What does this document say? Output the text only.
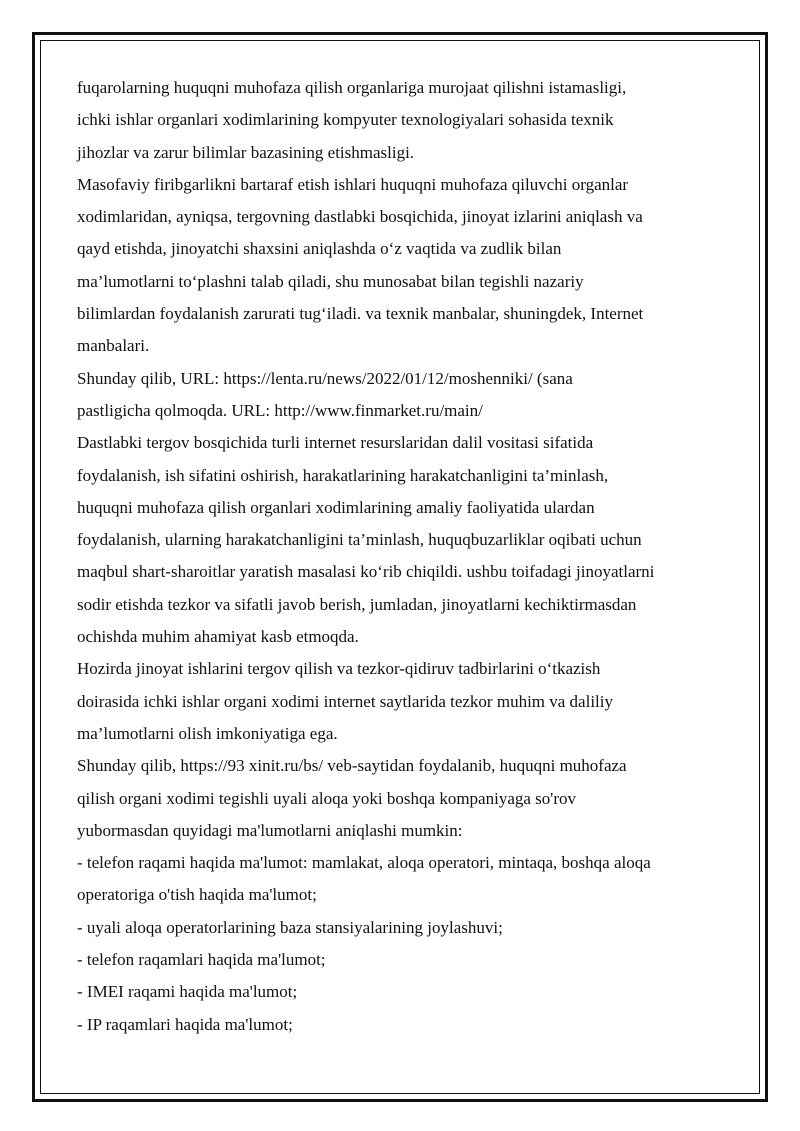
fuqarolarning huquqni muhofaza qilish organlariga murojaat qilishni istamasligi,
ichki ishlar organlari xodimlarining kompyuter texnologiyalari sohasida texnik
jihozlar va zarur bilimlar bazasining etishmasligi.
Masofaviy firibgarlikni bartaraf etish ishlari huquqni muhofaza qiluvchi organlar
xodimlaridan, ayniqsa, tergovning dastlabki bosqichida, jinoyat izlarini aniqlash va
qayd etishda, jinoyatchi shaxsini aniqlashda o‘z vaqtida va zudlik bilan
ma’lumotlarni to‘plashni talab qiladi, shu munosabat bilan tegishli nazariy
bilimlardan foydalanish zarurati tug‘iladi. va texnik manbalar, shuningdek, Internet
manbalari.
Shunday qilib, URL: https://lenta.ru/news/2022/01/12/moshenniki/ (sana
pastligicha qolmoqda. URL: http://www.finmarket.ru/main/
Dastlabki tergov bosqichida turli internet resurslaridan dalil vositasi sifatida
foydalanish, ish sifatini oshirish, harakatlarining harakatchanligini ta’minlash,
huquqni muhofaza qilish organlari xodimlarining amaliy faoliyatida ulardan
foydalanish, ularning harakatchanligini ta’minlash, huquqbuzarliklar oqibati uchun
maqbul shart-sharoitlar yaratish masalasi ko‘rib chiqildi. ushbu toifadagi jinoyatlarni
sodir etishda tezkor va sifatli javob berish, jumladan, jinoyatlarni kechiktirmasdan
ochishda muhim ahamiyat kasb etmoqda.
Hozirda jinoyat ishlarini tergov qilish va tezkor-qidiruv tadbirlarini o‘tkazish
doirasida ichki ishlar organi xodimi internet saytlarida tezkor muhim va daliliy
ma’lumotlarni olish imkoniyatiga ega.
Shunday qilib, https://93 xinit.ru/bs/ veb-saytidan foydalanib, huquqni muhofaza
qilish organi xodimi tegishli uyali aloqa yoki boshqa kompaniyaga so'rov
yubormasdan quyidagi ma'lumotlarni aniqlashi mumkin:
- telefon raqami haqida ma'lumot: mamlakat, aloqa operatori, mintaqa, boshqa aloqa
operatoriga o'tish haqida ma'lumot;
- uyali aloqa operatorlarining baza stansiyalarining joylashuvi;
- telefon raqamlari haqida ma'lumot;
- IMEI raqami haqida ma'lumot;
- IP raqamlari haqida ma'lumot;
